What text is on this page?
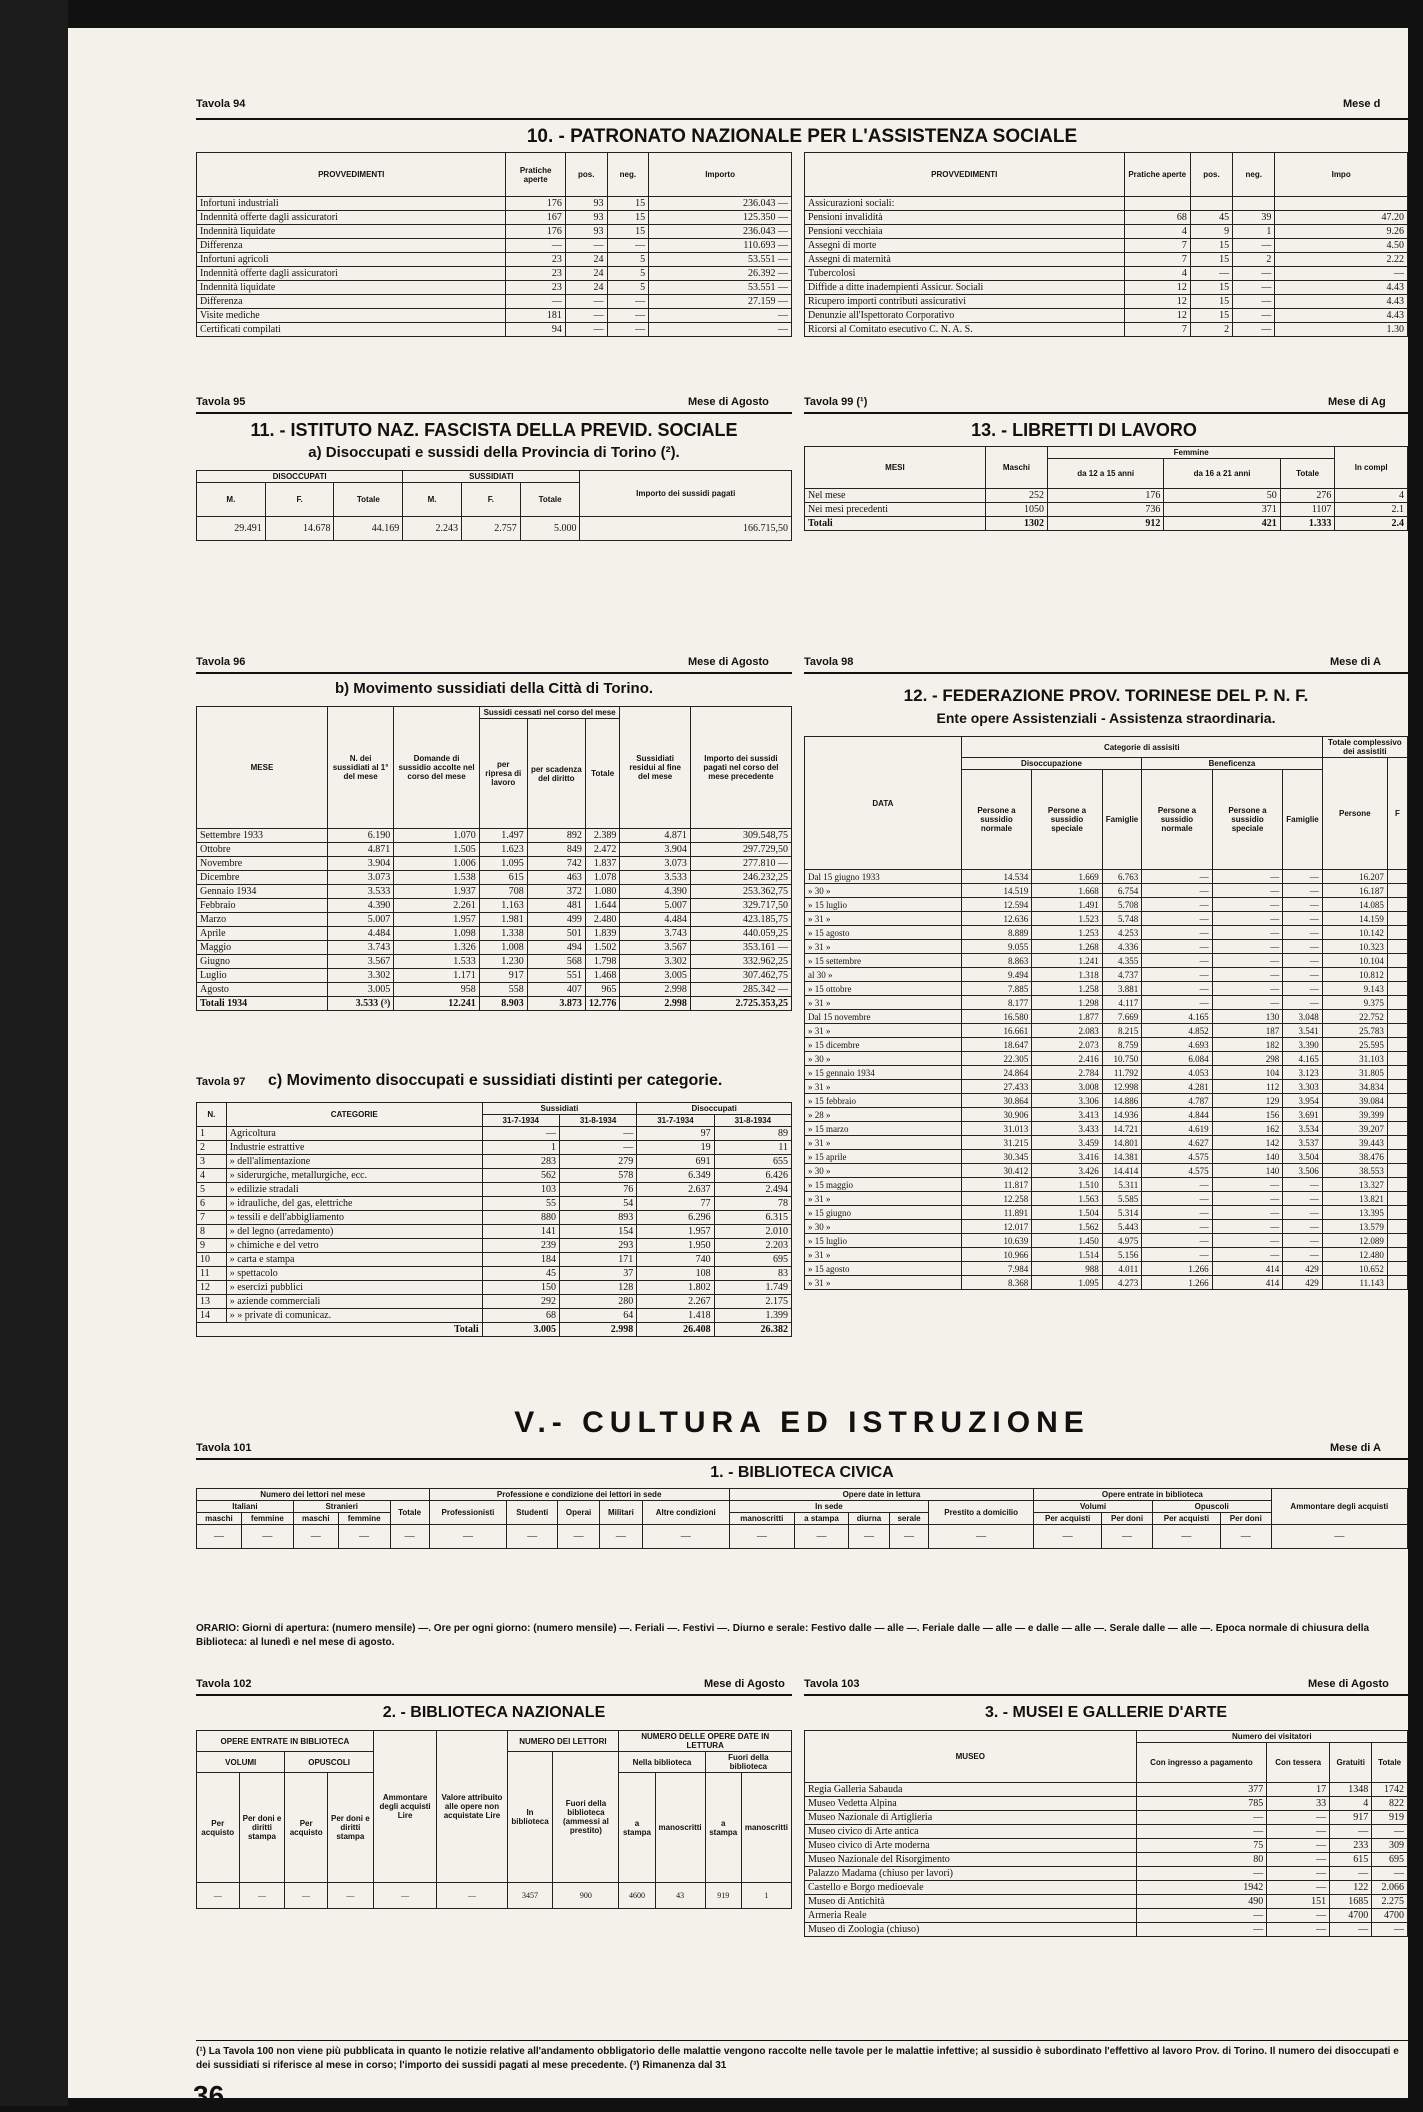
Tavola 94	Mese d
10. - PATRONATO NAZIONALE PER L'ASSISTENZA SOCIALE
PROVVEDIMENTI	Pratiche aperte	pos.	neg.	Importo
Infortuni industriali	176	93	15	236.043 —
Indennità offerte dagli assicuratori	167	93	15	125.350 —
Indennità liquidate	176	93	15	236.043 —
Differenza	—	—	—	110.693 —
Infortuni agricoli	23	24	5	53.551 —
Indennità offerte dagli assicuratori	23	24	5	26.392 —
Indennità liquidate	23	24	5	53.551 —
Differenza	—	—	—	27.159 —
Visite mediche	181	—	—	—
Certificati compilati	94	—	—	—
PROVVEDIMENTI	Pratiche aperte	pos.	neg.	Impo
Assicurazioni sociali:				
Pensioni invalidità	68	45	39	47.20
Pensioni vecchiaia	4	9	1	9.26
Assegni di morte	7	15	—	4.50
Assegni di maternità	7	15	2	2.22
Tubercolosi	4	—	—	—
Diffide a ditte inadempienti Assicur. Sociali	12	15	—	4.43
Ricupero importi contributi assicurativi	12	15	—	4.43
Denunzie all'Ispettorato Corporativo	12	15	—	4.43
Ricorsi al Comitato esecutivo C. N. A. S.	7	2	—	1.30
Tavola 95	Mese di Agosto
11. - ISTITUTO NAZ. FASCISTA DELLA PREVID. SOCIALE
a) Disoccupati e sussidi della Provincia di Torino (²).
DISOCCUPATI			SUSSIDIATI			Importo dei sussidi pagati
M.	F.	Totale	M.	F.	Totale	
29.491	14.678	44.169	2.243	2.757	5.000	166.715,50
Tavola 99 (¹)	Mese di Ag
13. - LIBRETTI DI LAVORO
MESI	Maschi	Femmine			In compl
		da 12 a 15 anni	da 16 a 21 anni	Totale	
Nel mese	252	176	50	276	4
Nei mesi precedenti	1050	736	371	1107	2.1
Totali	1302	912	421	1.333	2.4
Tavola 96	Mese di Agosto
b) Movimento sussidiati della Città di Torino.
MESE	N. dei sussidiati al 1° del mese	Domande di sussidio accolte nel corso del mese	Sussidi cessati nel corso del mese			Sussidiati residui al fine del mese	Importo dei sussidi pagati nel corso del mese precedente
			per ripresa di lavoro	per scadenza del diritto	Totale		
Settembre 1933	6.190	1.070	1.497	892	2.389	4.871	309.548,75
Ottobre	4.871	1.505	1.623	849	2.472	3.904	297.729,50
Novembre	3.904	1.006	1.095	742	1.837	3.073	277.810 —
Dicembre	3.073	1.538	615	463	1.078	3.533	246.232,25
Gennaio 1934	3.533	1.937	708	372	1.080	4.390	253.362,75
Febbraio	4.390	2.261	1.163	481	1.644	5.007	329.717,50
Marzo	5.007	1.957	1.981	499	2.480	4.484	423.185,75
Aprile	4.484	1.098	1.338	501	1.839	3.743	440.059,25
Maggio	3.743	1.326	1.008	494	1.502	3.567	353.161 —
Giugno	3.567	1.533	1.230	568	1.798	3.302	332.962,25
Luglio	3.302	1.171	917	551	1.468	3.005	307.462,75
Agosto	3.005	958	558	407	965	2.998	285.342 —
Totali 1934	3.533 (³)	12.241	8.903	3.873	12.776	2.998	2.725.353,25
Tavola 97 c) Movimento disoccupati e sussidiati distinti per categorie.
N.	CATEGORIE	Sussidiati		Disoccupati	
		31-7-1934	31-8-1934	31-7-1934	31-8-1934
1	Agricoltura	—	—	97	89
2	Industrie estrattive	1	—	19	11
3	» dell'alimentazione	283	279	691	655
4	» siderurgiche, metallurgiche, ecc.	562	578	6.349	6.426
5	» edilizie stradali	103	76	2.637	2.494
6	» idrauliche, del gas, elettriche	55	54	77	78
7	» tessili e dell'abbigliamento	880	893	6.296	6.315
8	» del legno (arredamento)	141	154	1.957	2.010
9	» chimiche e del vetro	239	293	1.950	2.203
10	» carta e stampa	184	171	740	695
11	» spettacolo	45	37	108	83
12	» esercizi pubblici	150	128	1.802	1.749
13	» aziende commerciali	292	280	2.267	2.175
14	» » private di comunicaz.	68	64	1.418	1.399
Totali		3.005	2.998	26.408	26.382
Tavola 98	Mese di A
12. - FEDERAZIONE PROV. TORINESE DEL P. N. F.
Ente opere Assistenziali - Assistenza straordinaria.
DATA	Categorie di assisiti						Totale complessivo dei assistiti	
	Disoccupazione			Beneficenza			Persone	F
	Persone a sussidio normale	Persone a sussidio speciale	Famiglie	Persone a sussidio normale	Persone a sussidio speciale	Famiglie		
Dal 15 giugno 1933	14.534	1.669	6.763	—	—	—	16.207	
» 30 »	14.519	1.668	6.754	—	—	—	16.187	
» 15 luglio	12.594	1.491	5.708	—	—	—	14.085	
» 31 »	12.636	1.523	5.748	—	—	—	14.159	
» 15 agosto	8.889	1.253	4.253	—	—	—	10.142	
» 31 »	9.055	1.268	4.336	—	—	—	10.323	
» 15 settembre	8.863	1.241	4.355	—	—	—	10.104	
al 30 »	9.494	1.318	4.737	—	—	—	10.812	
» 15 ottobre	7.885	1.258	3.881	—	—	—	9.143	
» 31 »	8.177	1.298	4.117	—	—	—	9.375	
Dal 15 novembre	16.580	1.877	7.669	4.165	130	3.048	22.752	
» 31 »	16.661	2.083	8.215	4.852	187	3.541	25.783	
» 15 dicembre	18.647	2.073	8.759	4.693	182	3.390	25.595	
» 30 »	22.305	2.416	10.750	6.084	298	4.165	31.103	
» 15 gennaio 1934	24.864	2.784	11.792	4.053	104	3.123	31.805	
» 31 »	27.433	3.008	12.998	4.281	112	3.303	34.834	
» 15 febbraio	30.864	3.306	14.886	4.787	129	3.954	39.084	
» 28 »	30.906	3.413	14.936	4.844	156	3.691	39.399	
» 15 marzo	31.013	3.433	14.721	4.619	162	3.534	39.207	
» 31 »	31.215	3.459	14.801	4.627	142	3.537	39.443	
» 15 aprile	30.345	3.416	14.381	4.575	140	3.504	38.476	
» 30 »	30.412	3.426	14.414	4.575	140	3.506	38.553	
» 15 maggio	11.817	1.510	5.311	—	—	—	13.327	
» 31 »	12.258	1.563	5.585	—	—	—	13.821	
» 15 giugno	11.891	1.504	5.314	—	—	—	13.395	
» 30 »	12.017	1.562	5.443	—	—	—	13.579	
» 15 luglio	10.639	1.450	4.975	—	—	—	12.089	
» 31 »	10.966	1.514	5.156	—	—	—	12.480	
» 15 agosto	7.984	988	4.011	1.266	414	429	10.652	
» 31 »	8.368	1.095	4.273	1.266	414	429	11.143	
V.- CULTURA ED ISTRUZIONE
Tavola 101	Mese di A
1. - BIBLIOTECA CIVICA
Numero dei lettori nel mese					Professione e condizione dei lettori in sede					Opere date in lettura					Opere entrate in biblioteca				Ammontare degli acquisti
Italiani		Stranieri		Totale	Professionisti	Studenti	Operai	Militari	Altre condizioni	In sede				Prestito a domicilio	Volumi		Opuscoli		
maschi	femmine	maschi	femmine							manoscritti	a stampa	diurna	serale		Per acquisti	Per doni	Per acquisti	Per doni	
—	—	—	—	—	—	—	—	—	—	—	—	—	—	—	—	—	—	—	—
ORARIO: Giorni di apertura: (numero mensile) —. Ore per ogni giorno: (numero mensile) —. Feriali —. Festivi —. Diurno e serale: Festivo dalle — alle —. Feriale dalle — alle — e dalle — alle —. Serale dalle — alle —. Epoca normale di chiusura della Biblioteca: al lunedì e nel mese di agosto.
Tavola 102	Mese di Agosto
2. - BIBLIOTECA NAZIONALE
OPERE ENTRATE IN BIBLIOTECA				Ammontare degli acquisti Lire	Valore attribuito alle opere non acquistate Lire	NUMERO DEI LETTORI		NUMERO DELLE OPERE DATE IN LETTURA			
VOLUMI		OPUSCOLI				In biblioteca	Fuori della biblioteca (ammessi al prestito)	Nella biblioteca		Fuori della biblioteca	
Per acquisto	Per doni e diritti stampa	Per acquisto	Per doni e diritti stampa					a stampa	manoscritti	a stampa	manoscritti
—	—	—	—	—	—	3457	900	4600	43	919	1
Tavola 103	Mese di Agosto
3. - MUSEI E GALLERIE D'ARTE
MUSEO	Numero dei visitatori			
	Con ingresso a pagamento	Con tessera	Gratuiti	Totale
Regia Galleria Sabauda	377	17	1348	1742
Museo Vedetta Alpina	785	33	4	822
Museo Nazionale di Artiglieria	—	—	917	919
Museo civico di Arte antica	—	—	—	—
Museo civico di Arte moderna	75	—	233	309
Museo Nazionale del Risorgimento	80	—	615	695
Palazzo Madama (chiuso per lavori)	—	—	—	—
Castello e Borgo medioevale	1942	—	122	2.066
Museo di Antichità	490	151	1685	2.275
Armeria Reale	—	—	4700	4700
Museo di Zoologia (chiuso)	—	—	—	—
(¹) La Tavola 100 non viene più pubblicata in quanto le notizie relative all'andamento obbligatorio delle malattie vengono raccolte nelle tavole per le malattie infettive; al sussidio è subordinato l'effettivo al lavoro Prov. di Torino. Il numero dei disoccupati e dei sussidiati si riferisce al mese in corso; l'importo dei sussidi pagati al mese precedente. (³) Rimanenza dal 31
36
